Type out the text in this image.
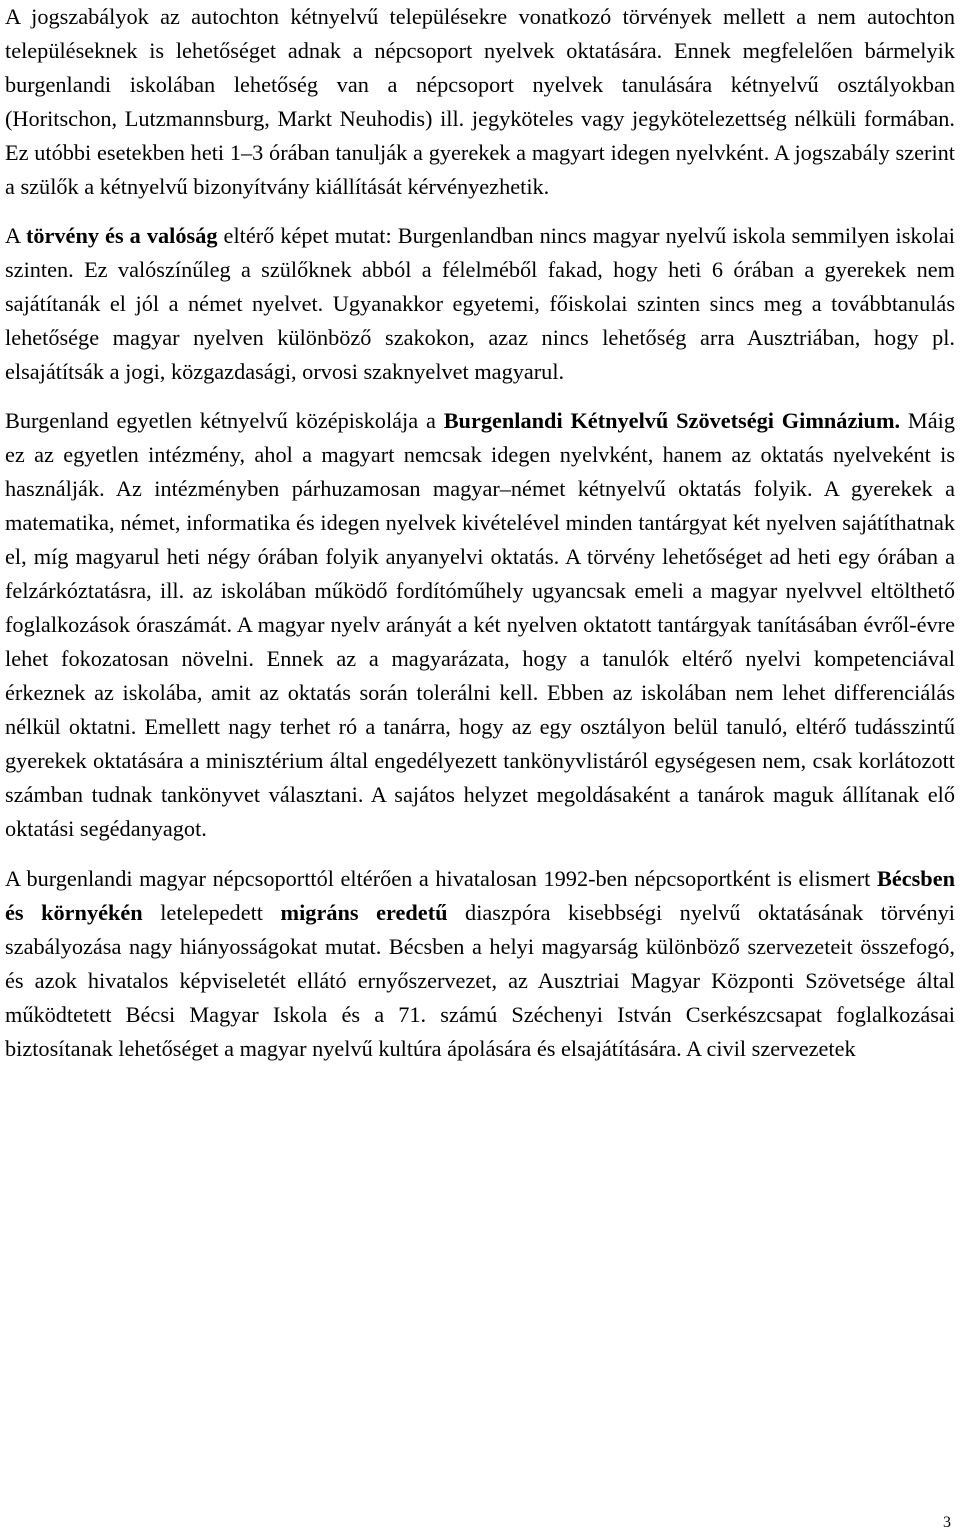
A jogszabályok az autochton kétnyelvű településekre vonatkozó törvények mellett a nem autochton településeknek is lehetőséget adnak a népcsoport nyelvek oktatására. Ennek megfelelően bármelyik burgenlandi iskolában lehetőség van a népcsoport nyelvek tanulására kétnyelvű osztályokban (Horitschon, Lutzmannsburg, Markt Neuhodis) ill. jegyköteles vagy jegykötelezettség nélküli formában. Ez utóbbi esetekben heti 1–3 órában tanulják a gyerekek a magyart idegen nyelvként. A jogszabály szerint a szülők a kétnyelvű bizonyítvány kiállítását kérvényezhetik.

A törvény és a valóság eltérő képet mutat: Burgenlandban nincs magyar nyelvű iskola semmilyen iskolai szinten. Ez valószínűleg a szülőknek abból a félelméből fakad, hogy heti 6 órában a gyerekek nem sajátítanák el jól a német nyelvet. Ugyanakkor egyetemi, főiskolai szinten sincs meg a továbbtanulás lehetősége magyar nyelven különböző szakokon, azaz nincs lehetőség arra Ausztriában, hogy pl. elsajátítsák a jogi, közgazdasági, orvosi szaknyelvet magyarul.

Burgenland egyetlen kétnyelvű középiskolája a Burgenlandi Kétnyelvű Szövetségi Gimnázium. Máig ez az egyetlen intézmény, ahol a magyart nemcsak idegen nyelvként, hanem az oktatás nyelveként is használják. Az intézményben párhuzamosan magyar–német kétnyelvű oktatás folyik. A gyerekek a matematika, német, informatika és idegen nyelvek kivételével minden tantárgyat két nyelven sajátíthatnak el, míg magyarul heti négy órában folyik anyanyelvi oktatás. A törvény lehetőséget ad heti egy órában a felzárkóztatásra, ill. az iskolában működő fordítóműhely ugyancsak emeli a magyar nyelvvel eltölthető foglalkozások óraszámát. A magyar nyelv arányát a két nyelven oktatott tantárgyak tanításában évről-évre lehet fokozatosan növelni. Ennek az a magyarázata, hogy a tanulók eltérő nyelvi kompetenciával érkeznek az iskolába, amit az oktatás során tolerálni kell. Ebben az iskolában nem lehet differenciálás nélkül oktatni. Emellett nagy terhet ró a tanárra, hogy az egy osztályon belül tanuló, eltérő tudásszintű gyerekek oktatására a minisztérium által engedélyezett tankönyvlistáról egységesen nem, csak korlátozott számban tudnak tankönyvet választani. A sajátos helyzet megoldásaként a tanárok maguk állítanak elő oktatási segédanyagot.

A burgenlandi magyar népcsoporttól eltérően a hivatalosan 1992-ben népcsoportként is elismert Bécsben és környékén letelepedett migráns eredetű diaszpóra kisebbségi nyelvű oktatásának törvényi szabályozása nagy hiányosságokat mutat. Bécsben a helyi magyarság különböző szervezeteit összefogó, és azok hivatalos képviseletét ellátó ernyőszervezet, az Ausztriai Magyar Központi Szövetsége által működtetett Bécsi Magyar Iskola és a 71. számú Széchenyi István Cserkészcsapat foglalkozásai biztosítanak lehetőséget a magyar nyelvű kultúra ápolására és elsajátítására. A civil szervezetek

3
